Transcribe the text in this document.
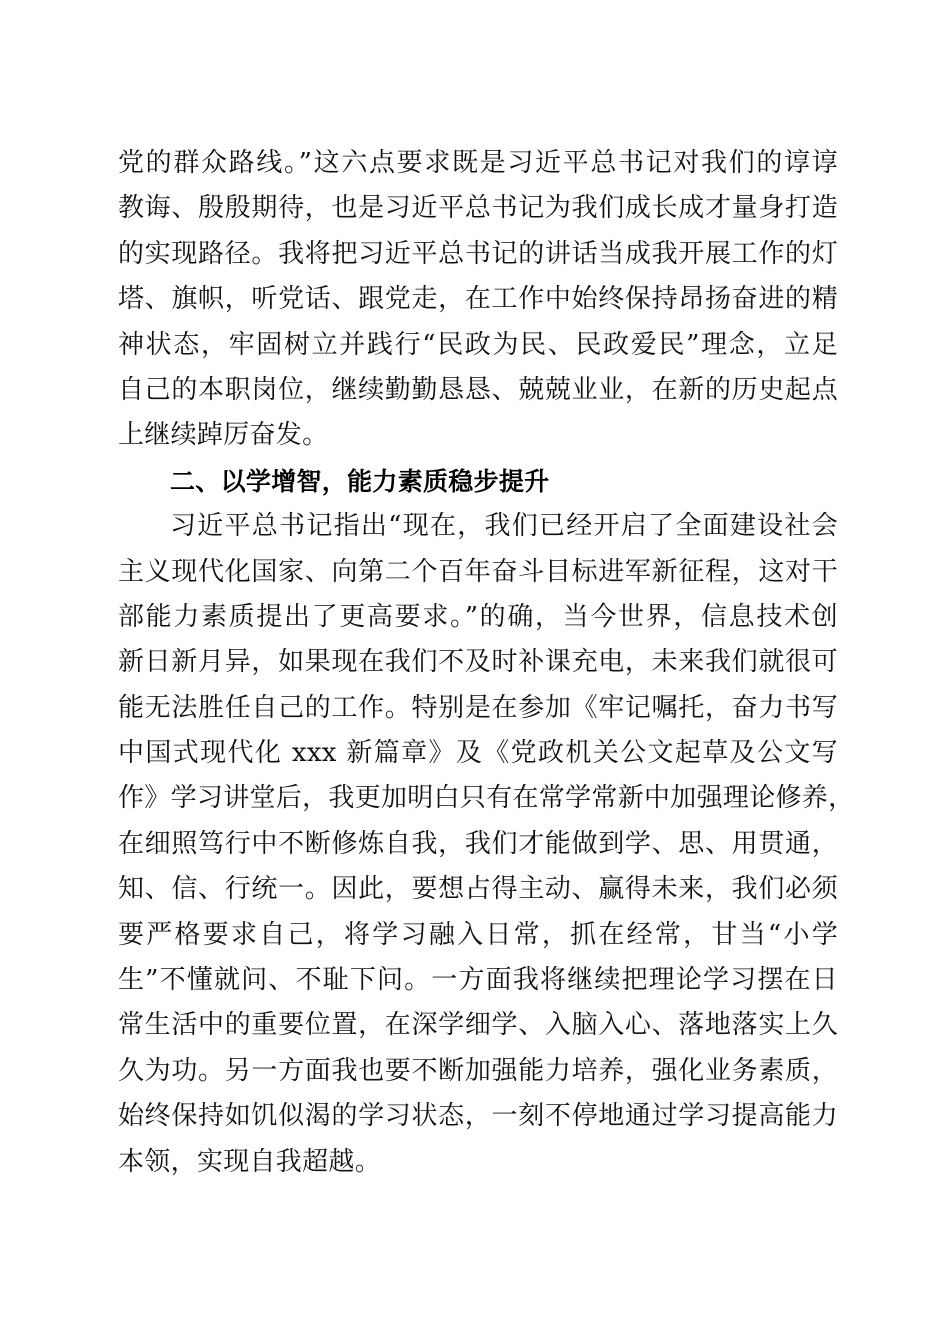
党的群众路线。”这六点要求既是习近平总书记对我们的谆谆
教诲、殷殷期待，也是习近平总书记为我们成长成才量身打造
的实现路径。我将把习近平总书记的讲话当成我开展工作的灯
塔、旗帜，听党话、跟党走，在工作中始终保持昂扬奋进的精
神状态，牢固树立并践行“民政为民、民政爱民”理念，立足
自己的本职岗位，继续勤勤恳恳、兢兢业业，在新的历史起点
上继续踔厉奋发。
二、以学增智，能力素质稳步提升
习近平总书记指出“现在，我们已经开启了全面建设社会
主义现代化国家、向第二个百年奋斗目标进军新征程，这对干
部能力素质提出了更高要求。”的确，当今世界，信息技术创
新日新月异，如果现在我们不及时补课充电，未来我们就很可
能无法胜任自己的工作。特别是在参加《牢记嘱托，奋力书写
中国式现代化 xxx 新篇章》及《党政机关公文起草及公文写
作》学习讲堂后，我更加明白只有在常学常新中加强理论修养，
在细照笃行中不断修炼自我，我们才能做到学、思、用贯通，
知、信、行统一。因此，要想占得主动、赢得未来，我们必须
要严格要求自己，将学习融入日常，抓在经常，甘当“小学
生”不懂就问、不耻下问。一方面我将继续把理论学习摆在日
常生活中的重要位置，在深学细学、入脑入心、落地落实上久
久为功。另一方面我也要不断加强能力培养，强化业务素质，
始终保持如饥似渴的学习状态，一刻不停地通过学习提高能力
本领，实现自我超越。
